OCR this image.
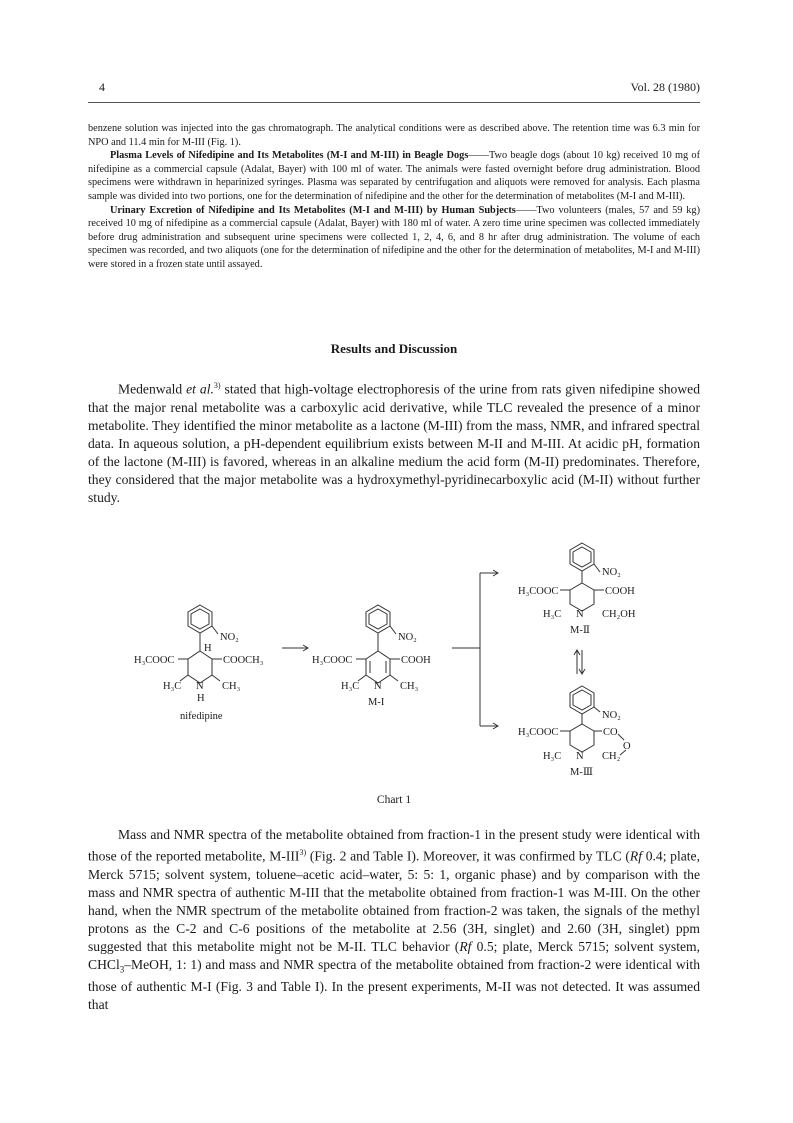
4	Vol. 28 (1980)

benzene solution was injected into the gas chromatograph. The analytical conditions were as described above. The retention time was 6.3 min for NPO and 11.4 min for M-III (Fig. 1).

Plasma Levels of Nifedipine and Its Metabolites (M-I and M-III) in Beagle Dogs——Two beagle dogs (about 10 kg) received 10 mg of nifedipine as a commercial capsule (Adalat, Bayer) with 100 ml of water. The animals were fasted overnight before drug administration. Blood specimens were withdrawn in heparinized syringes. Plasma was separated by centrifugation and aliquots were removed for analysis. Each plasma sample was divided into two portions, one for the determination of nifedipine and the other for the determination of metabolites (M-I and M-III).

Urinary Excretion of Nifedipine and Its Metabolites (M-I and M-III) by Human Subjects——Two volunteers (males, 57 and 59 kg) received 10 mg of nifedipine as a commercial capsule (Adalat, Bayer) with 180 ml of water. A zero time urine specimen was collected immediately before drug administration and subsequent urine specimens were collected 1, 2, 4, 6, and 8 hr after drug administration. The volume of each specimen was recorded, and two aliquots (one for the determination of nifedipine and the other for the determination of metabolites, M-I and M-III) were stored in a frozen state until assayed.

Results and Discussion

Medenwald et al.$^{3)}$ stated that high-voltage electrophoresis of the urine from rats given nifedipine showed that the major renal metabolite was a carboxylic acid derivative, while TLC revealed the presence of a minor metabolite. They identified the minor metabolite as a lactone (M-III) from the mass, NMR, and infrared spectral data. In aqueous solution, a pH-dependent equilibrium exists between M-II and M-III. At acidic pH, formation of the lactone (M-III) is favored, whereas in an alkaline medium the acid form (M-II) predominates. Therefore, they considered that the major metabolite was a hydroxymethyl-pyridinecarboxylic acid (M-II) without further study.

NO₂
H
H₃COOC	COOCH₃
H₃C N CH₃
H
nifedipine
NO₂
H₃COOC	COOH
H₃C N CH₃
M-I
NO₂
H₃COOC	COOH
H₃C N CH₂OH
M-Ⅱ
NO₂
H₃COOC	CO
O
H₃C N CH₂
M-Ⅲ
Chart 1

Mass and NMR spectra of the metabolite obtained from fraction-1 in the present study were identical with those of the reported metabolite, M-III$^{3)}$ (Fig. 2 and Table I). Moreover, it was confirmed by TLC (Rf 0.4; plate, Merck 5715; solvent system, toluene–acetic acid–water, 5: 5: 1, organic phase) and by comparison with the mass and NMR spectra of authentic M-III that the metabolite obtained from fraction-1 was M-III. On the other hand, when the NMR spectrum of the metabolite obtained from fraction-2 was taken, the signals of the methyl protons as the C-2 and C-6 positions of the metabolite at 2.56 (3H, singlet) and 2.60 (3H, singlet) ppm suggested that this metabolite might not be M-II. TLC behavior (Rf 0.5; plate, Merck 5715; solvent system, CHCl$_3$–MeOH, 1: 1) and mass and NMR spectra of the metabolite obtained from fraction-2 were identical with those of authentic M-I (Fig. 3 and Table I). In the present experiments, M-II was not detected. It was assumed that
